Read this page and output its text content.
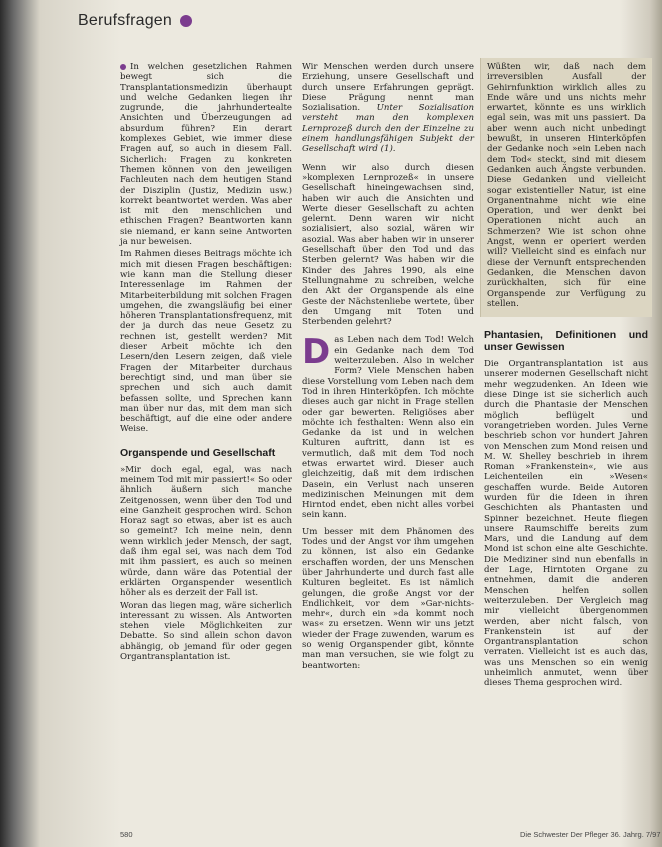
Berufsfragen

In welchen gesetzlichen Rahmen bewegt sich die Transplantationsmedizin überhaupt und welche Gedanken liegen ihr zugrunde, die jahrhundertealte Ansichten und Überzeugungen ad absurdum führen? Ein derart komplexes Gebiet, wie immer diese Fragen auf, so auch in diesem Fall. Sicherlich: Fragen zu konkreten Themen können von den jeweiligen Fachleuten nach dem heutigen Stand der Disziplin (Justiz, Medizin usw.) korrekt beantwortet werden. Was aber ist mit den menschlichen und ethischen Fragen? Beantworten kann sie niemand, er kann seine Antworten ja nur beweisen.

Im Rahmen dieses Beitrags möchte ich mich mit diesen Fragen beschäftigen: wie kann man die Stellung dieser Interessenlage im Rahmen der Mitarbeiterbildung mit solchen Fragen umgehen, die zwangsläufig bei einer höheren Transplantationsfrequenz, mit der ja durch das neue Gesetz zu rechnen ist, gestellt werden? Mit dieser Arbeit möchte ich den Lesern/den Lesern zeigen, daß viele Fragen der Mitarbeiter durchaus berechtigt sind, und man über sie sprechen und sich auch damit befassen sollte, und Sprechen kann man über nur das, mit dem man sich beschäftigt, auf die eine oder andere Weise.

Organspende und Gesellschaft

»Mir doch egal, egal, was nach meinem Tod mit mir passiert!« So oder ähnlich äußern sich manche Zeitgenossen, wenn über den Tod und eine Ganzheit gesprochen wird. Schon Horaz sagt so etwas, aber ist es auch so gemeint? Ich meine nein, denn wenn wirklich jeder Mensch, der sagt, daß ihm egal sei, was nach dem Tod mit ihm passiert, es auch so meinen würde, dann wäre das Potential der erklärten Organspender wesentlich höher als es derzeit der Fall ist.

Woran das liegen mag, wäre sicherlich interessant zu wissen. Als Antworten stehen viele Möglichkeiten zur Debatte. So sind allein schon davon abhängig, ob jemand für oder gegen Organtransplantation ist.

Wir Menschen werden durch unsere Erziehung, unsere Gesellschaft und durch unsere Erfahrungen geprägt. Diese Prägung nennt man Sozialisation. Unter Sozialisation versteht man den komplexen Lernprozeß durch den der Einzelne zu einem handlungsfähigen Subjekt der Gesellschaft wird (1).

Wenn wir also durch diesen »komplexen Lernprozeß« in unsere Gesellschaft hineingewachsen sind, haben wir auch die Ansichten und Werte dieser Gesellschaft zu achten gelernt. Denn waren wir nicht sozialisiert, also sozial, wären wir asozial. Was aber haben wir in unserer Gesellschaft über den Tod und das Sterben gelernt? Was haben wir die Kinder des Jahres 1990, als eine Stellungnahme zu schreiben, welche den Akt der Organspende als eine Geste der Nächstenliebe wertete, über den Umgang mit Toten und Sterbenden gelehrt?

Das Leben nach dem Tod! Welch ein Gedanke nach dem Tod weiterzuleben. Also in welcher Form? Viele Menschen haben diese Vorstellung vom Leben nach dem Tod in ihren Hinterköpfen. Ich möchte dieses auch gar nicht in Frage stellen oder gar bewerten. Religiöses aber möchte ich festhalten: Wenn also ein Gedanke da ist und in welchen Kulturen auftritt, dann ist es vermutlich, daß mit dem Tod noch etwas erwartet wird. Dieser auch gleichzeitig, daß mit dem irdischen Dasein, ein Verlust nach unseren medizinischen Meinungen mit dem Hirntod endet, eben nicht alles vorbei sein kann.

Um besser mit dem Phänomen des Todes und der Angst vor ihm umgehen zu können, ist also ein Gedanke erschaffen worden, der uns Menschen über Jahrhunderte und durch fast alle Kulturen begleitet. Es ist nämlich gelungen, die große Angst vor der Endlichkeit, vor dem »Gar-nichts-mehr«, durch ein »da kommt noch was« zu ersetzen. Wenn wir uns jetzt wieder der Frage zuwenden, warum es so wenig Organspender gibt, könnte man man versuchen, sie wie folgt zu beantworten:

Wüßten wir, daß nach dem irreversiblen Ausfall der Gehirnfunktion wirklich alles zu Ende wäre und uns nichts mehr erwartet, könnte es uns wirklich egal sein, was mit uns passiert. Da aber wenn auch nicht unbedingt bewußt, in unseren Hinterköpfen der Gedanke noch »ein Leben nach dem Tod« steckt, sind mit diesem Gedanken auch Ängste verbunden. Diese Gedanken und vielleicht sogar existentieller Natur, ist eine Organentnahme nicht wie eine Operation, und wer denkt bei Operationen nicht auch an Schmerzen? Wie ist schon ohne Angst, wenn er operiert werden will? Vielleicht sind es einfach nur diese der Vernunft entsprechenden Gedanken, die Menschen davon zurückhalten, sich für eine Organspende zur Verfügung zu stellen.

Phantasien, Definitionen und unser Gewissen

Die Organtransplantation ist aus unserer modernen Gesellschaft nicht mehr wegzudenken. An Ideen wie diese Dinge ist sie sicherlich auch durch die Phantasie der Menschen möglich beflügelt und vorangetrieben worden. Jules Verne beschrieb schon vor hundert Jahren von Menschen zum Mond reisen und M. W. Shelley beschrieb in ihrem Roman »Frankenstein«, wie aus Leichenteilen ein »Wesen« geschaffen wurde. Beide Autoren wurden für die Ideen in ihren Geschichten als Phantasten und Spinner bezeichnet. Heute fliegen unsere Raumschiffe bereits zum Mars, und die Landung auf dem Mond ist schon eine alte Geschichte. Die Mediziner sind nun ebenfalls in der Lage, Hirntoten Organe zu entnehmen, damit die anderen Menschen helfen sollen weiterzuleben. Der Vergleich mag mir vielleicht übergenommen werden, aber nicht falsch, von Frankenstein ist auf der Organtransplantation schon verraten. Vielleicht ist es auch das, was uns Menschen so ein wenig unheimlich anmutet, wenn über dieses Thema gesprochen wird.

580	Die Schwester Der Pfleger 36. Jahrg. 7/97
